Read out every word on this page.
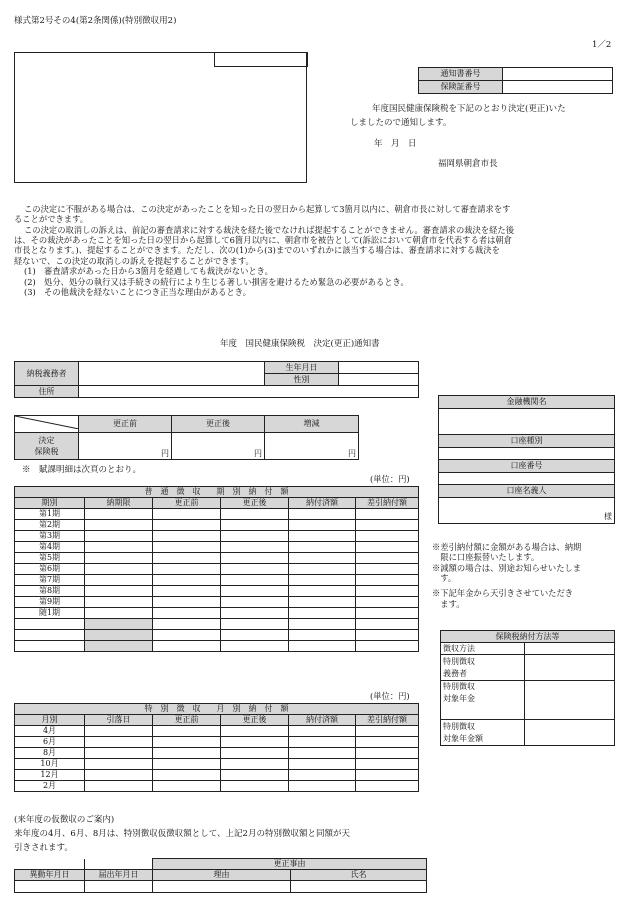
様式第2号その4(第2条関係)(特別徴収用2)
1／2
通知書番号	
保険証番号	
年度国民健康保険税を下記のとおり決定(更正)いた
しましたので通知します。
年　月　日
福岡県朝倉市長
この決定に不服がある場合は、この決定があったことを知った日の翌日から起算して3箇月以内に、朝倉市長に対して審査請求をす
ることができます。
この決定の取消しの訴えは、前記の審査請求に対する裁決を経た後でなければ提起することができません。審査請求の裁決を経た後
は、その裁決があったことを知った日の翌日から起算して6箇月以内に、朝倉市を被告として(訴訟において朝倉市を代表する者は朝倉
市長となります。)、提起することができます。ただし、次の(1)から(3)までのいずれかに該当する場合は、審査請求に対する裁決を
経ないで、この決定の取消しの訴えを提起することができます。
(1)　審査請求があった日から3箇月を経過しても裁決がないとき。
(2)　処分、処分の執行又は手続きの続行により生じる著しい損害を避けるため緊急の必要があるとき。
(3)　その他裁決を経ないことにつき正当な理由があるとき。
年度　国民健康保険税　決定(更正)通知書
納税義務者		生年月日	
		性別	
住所			
	更正前	更正後	増減

決定
保険税	円	円	円
※　賦課明細は次頁のとおり。
(単位：円)
普　通　徴　収　　期　別　納　付　額					
期別	納期限	更正前	更正後	納付済額	差引納付額
第1期					
第2期					
第3期					
第4期					
第5期					
第6期					
第7期					
第8期					
第9期					
随1期					

(単位：円)
特　別　徴　収　　月　別　納　付　額					
月別	引落日	更正前	更正後	納付済額	差引納付額
4月					
6月					
8月					
10月					
12月					
2月					
(来年度の仮徴収のご案内)
来年度の4月、6月、8月は、特別徴収仮徴収額として、上記2月の特別徴収額と同額が天
引きされます。
		更正事由	
異動年月日	届出年月日	理由	氏名

金融機関名

口座種別

口座番号

口座名義人
様
※差引納付額に金額がある場合は、納期
　限に口座振替いたします。
※減額の場合は、別途お知らせいたしま
　す。
※下記年金から天引きさせていただき
　ます。
保険税納付方法等	
徴収方法	

特別徴収
義務者	

特別徴収
対象年金	

特別徴収
対象年金額	
